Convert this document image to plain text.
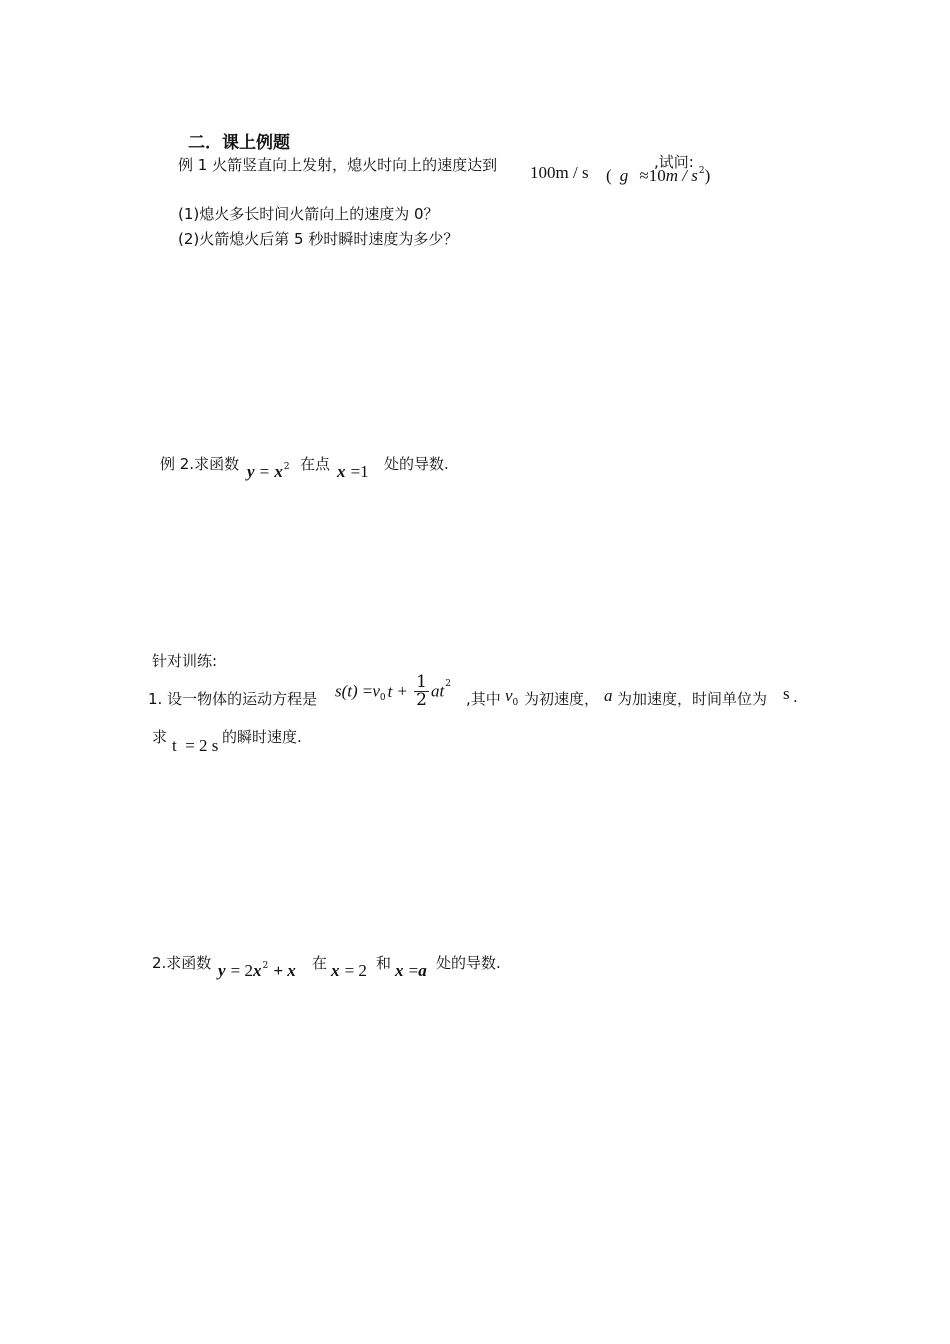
二．课上例题
例 1 火箭竖直向上发射，熄火时向上的速度达到 100m / s
,试问:
( $g \approx 10m / s^2$)
(1)熄火多长时间火箭向上的速度为 0？
(2)火箭熄火后第 5 秒时瞬时速度为多少？
例 2.求函数 $y = x^2$ 在点 x =1 处的导数.
针对训练:
1. 设一物体的运动方程是 $s(t) =v_0$ $t + \frac{1}{2} at^2$
,其中 $v_0$ 为初速度， a 为加速度，时间单位为 s .
求 t  = 2 s 的瞬时速度.
2.求函数 $y = 2x^2 + x$ 在 x = 2 和 x =a 处的导数.
